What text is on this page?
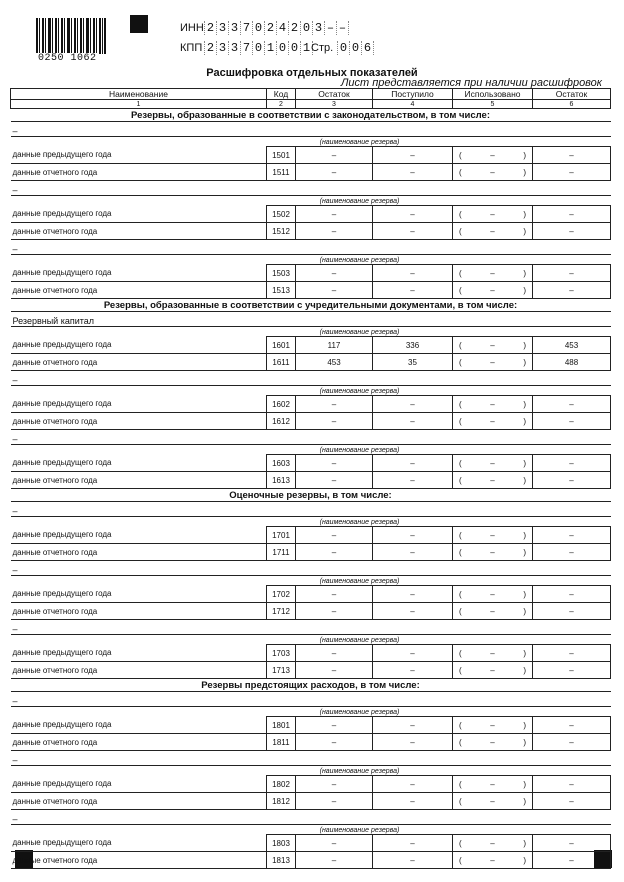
0250 1062
ИНН 2 3 3 7 0 2 4 2 0 3 – –
КПП 2 3 3 7 0 1 0 0 1 Стр. 0 0 6
Расшифровка отдельных показателей
Лист представляется при наличии расшифровок
Наименование	Код	Остаток	Поступило	Использовано	Остаток
1	2	3	4	5	6
Резервы, образованные в соответствии с законодательством, в том числе:					
–					
	(наименование резерва)				
данные предыдущего года	1501	–	–	( – )	–
данные отчетного года	1511	–	–	( – )	–
–					
	(наименование резерва)				
данные предыдущего года	1502	–	–	( – )	–
данные отчетного года	1512	–	–	( – )	–
–					
	(наименование резерва)				
данные предыдущего года	1503	–	–	( – )	–
данные отчетного года	1513	–	–	( – )	–
Резервы, образованные в соответствии с учредительными документами, в том числе:					
Резервный капитал					
	(наименование резерва)				
данные предыдущего года	1601	117	336	( – )	453
данные отчетного года	1611	453	35	( – )	488
–					
	(наименование резерва)				
данные предыдущего года	1602	–	–	( – )	–
данные отчетного года	1612	–	–	( – )	–
–					
	(наименование резерва)				
данные предыдущего года	1603	–	–	( – )	–
данные отчетного года	1613	–	–	( – )	–
Оценочные резервы, в том числе:					
–					
	(наименование резерва)				
данные предыдущего года	1701	–	–	( – )	–
данные отчетного года	1711	–	–	( – )	–
–					
	(наименование резерва)				
данные предыдущего года	1702	–	–	( – )	–
данные отчетного года	1712	–	–	( – )	–
–					
	(наименование резерва)				
данные предыдущего года	1703	–	–	( – )	–
данные отчетного года	1713	–	–	( – )	–
Резервы предстоящих расходов, в том числе:					
–					
	(наименование резерва)				
данные предыдущего года	1801	–	–	( – )	–
данные отчетного года	1811	–	–	( – )	–
–					
	(наименование резерва)				
данные предыдущего года	1802	–	–	( – )	–
данные отчетного года	1812	–	–	( – )	–
–					
	(наименование резерва)				
данные предыдущего года	1803	–	–	( – )	–
данные отчетного года	1813	–	–	( – )	–
